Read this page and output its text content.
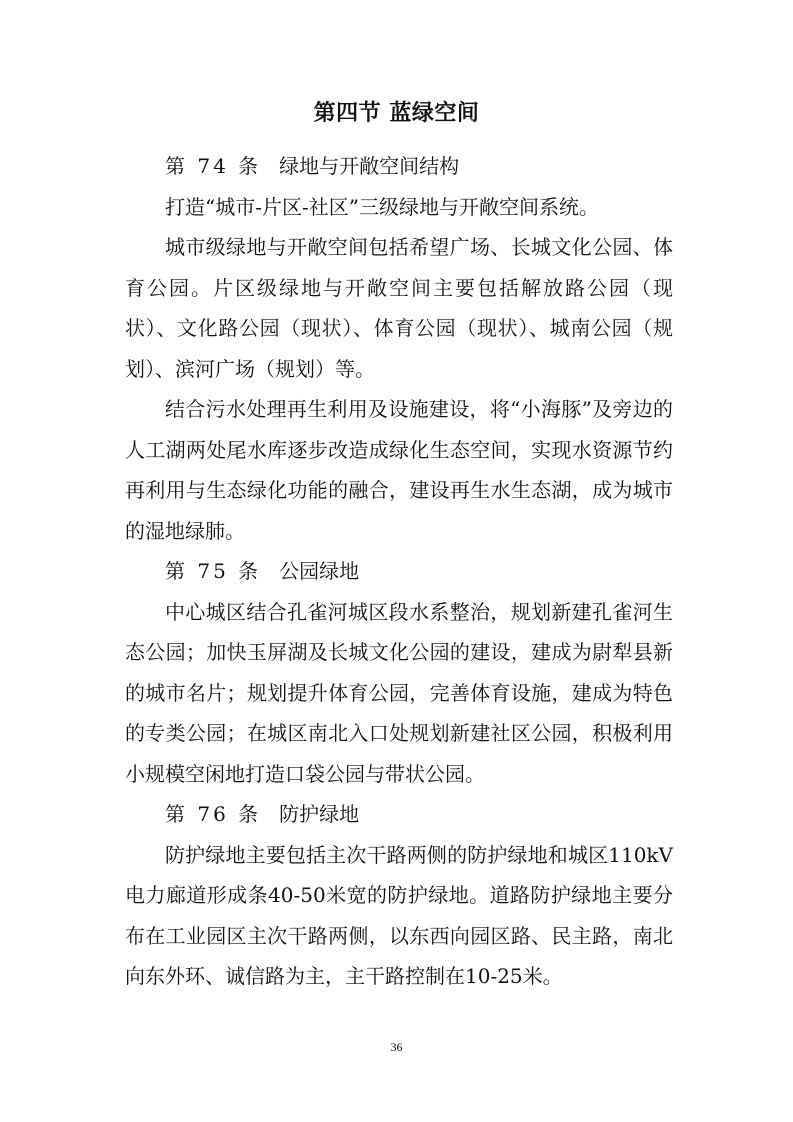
第四节 蓝绿空间
第 74 条 绿地与开敞空间结构

打造“城市-片区-社区”三级绿地与开敞空间系统。

城市级绿地与开敞空间包括希望广场、长城文化公园、体育公园。片区级绿地与开敞空间主要包括解放路公园（现状）、文化路公园（现状）、体育公园（现状）、城南公园（规划）、滨河广场（规划）等。

结合污水处理再生利用及设施建设，将“小海豚”及旁边的人工湖两处尾水库逐步改造成绿化生态空间，实现水资源节约再利用与生态绿化功能的融合，建设再生水生态湖，成为城市的湿地绿肺。

第 75 条 公园绿地

中心城区结合孔雀河城区段水系整治，规划新建孔雀河生态公园；加快玉屏湖及长城文化公园的建设，建成为尉犁县新的城市名片；规划提升体育公园，完善体育设施，建成为特色的专类公园；在城区南北入口处规划新建社区公园，积极利用小规模空闲地打造口袋公园与带状公园。

第 76 条 防护绿地

防护绿地主要包括主次干路两侧的防护绿地和城区110kV电力廊道形成条40-50米宽的防护绿地。道路防护绿地主要分布在工业园区主次干路两侧，以东西向园区路、民主路，南北向东外环、诚信路为主，主干路控制在10-25米。

36
